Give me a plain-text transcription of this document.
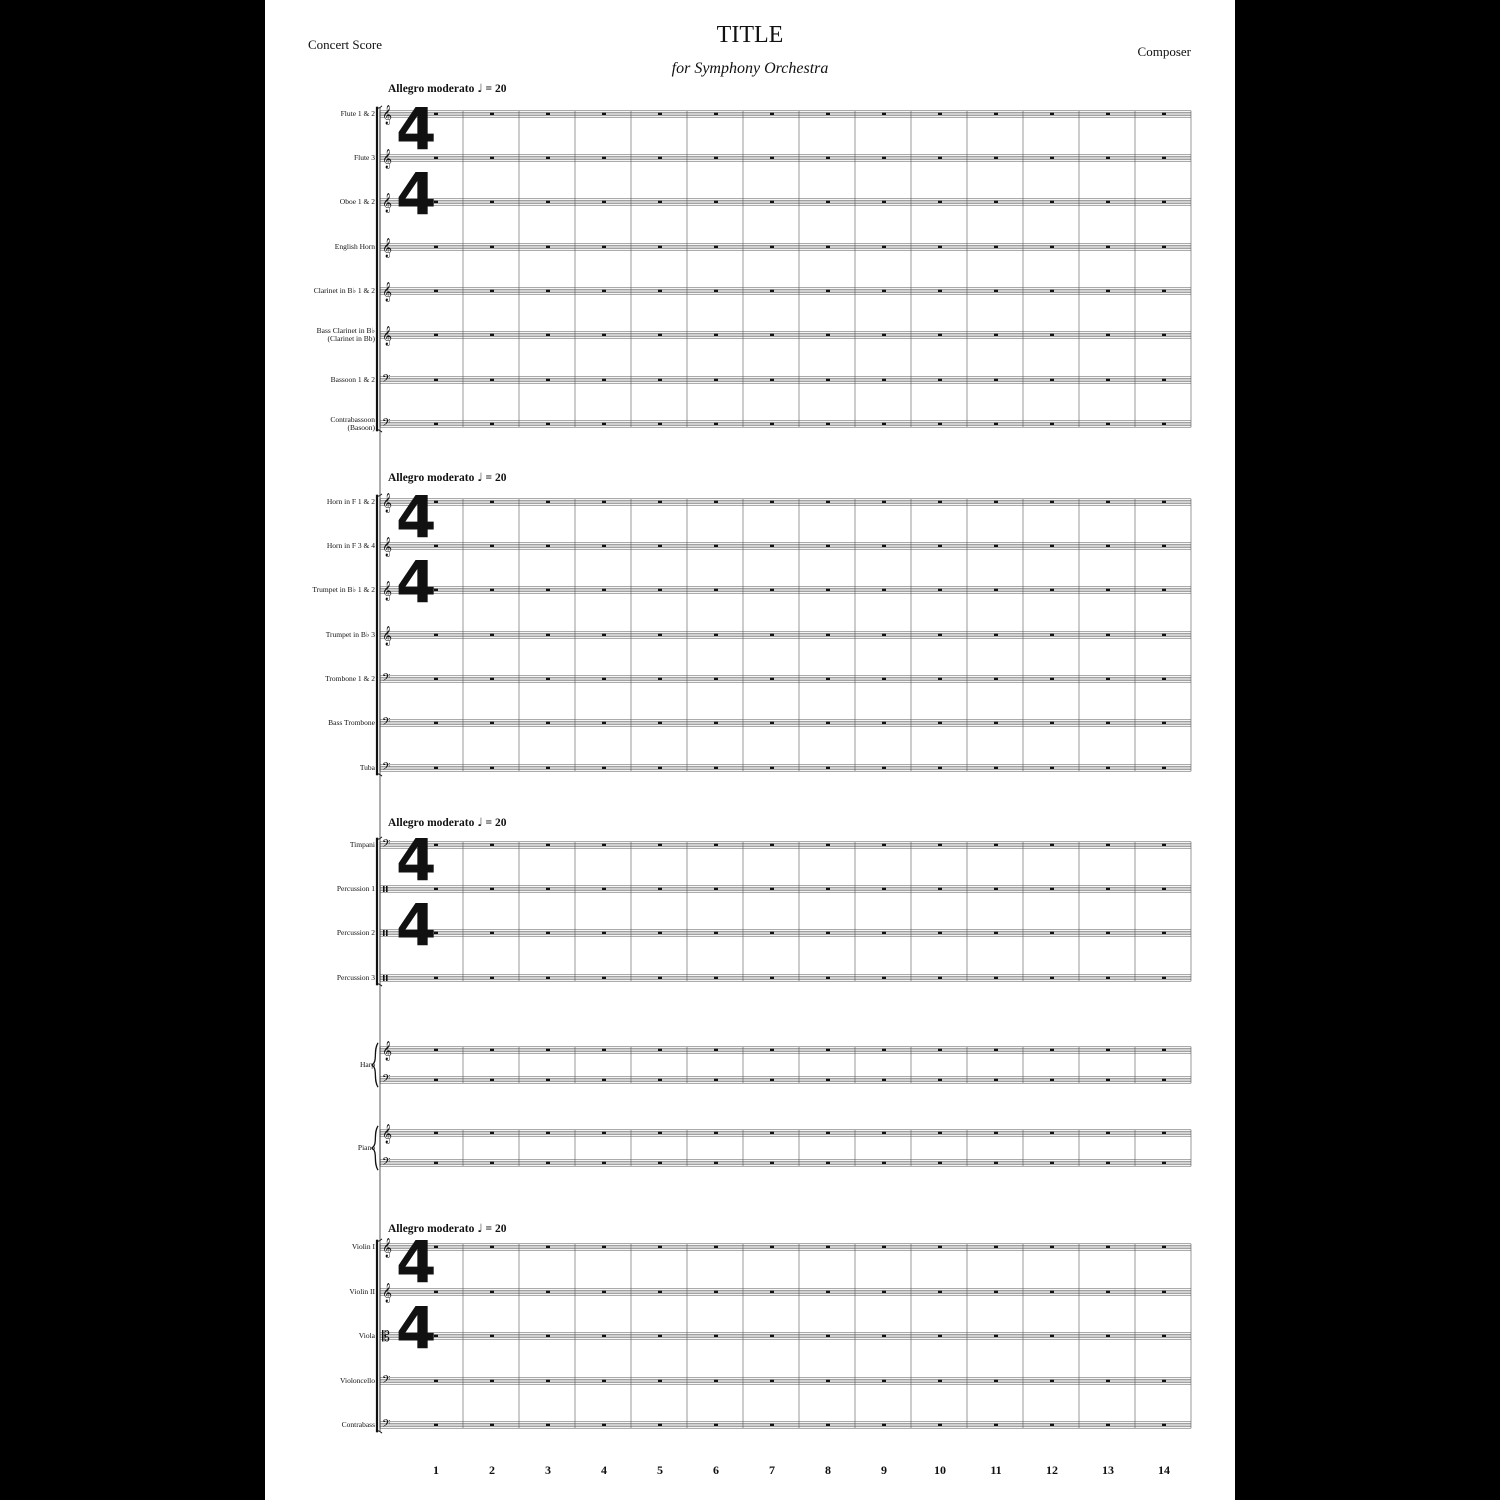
𝄞
𝄞
𝄞
𝄞
𝄞
𝄞
𝄢
𝄢
4
4
𝄞
𝄞
𝄞
𝄞
𝄢
𝄢
𝄢
4
4
𝄢 4
4
𝄞
𝄢
𝄞
𝄢
𝄞
𝄞
𝄡
𝄢
𝄢
4
4
TITLE
for Symphony Orchestra
Concert Score	Composer
Flute 1 & 2
Flute 3
Oboe 1 & 2
English Horn
Clarinet in B♭ 1 & 2
Bass Clarinet in B♭
(Clarinet in Bb)
Bassoon 1 & 2
Contrabassoon
(Basoon)
Allegro moderato ♩ = 20
Horn in F 1 & 2
Horn in F 3 & 4
Trumpet in B♭ 1 & 2
Trumpet in B♭ 3
Trombone 1 & 2
Bass Trombone
Tuba
Allegro moderato ♩ = 20
Timpani
Percussion 1
Percussion 2
Percussion 3
Allegro moderato ♩ = 20
Harp
Piano
Violin I
Violin II
Viola
Violoncello
Contrabass
Allegro moderato ♩ = 20
1	2	3	4	5	6	7	8	9	10	11	12	13	14
